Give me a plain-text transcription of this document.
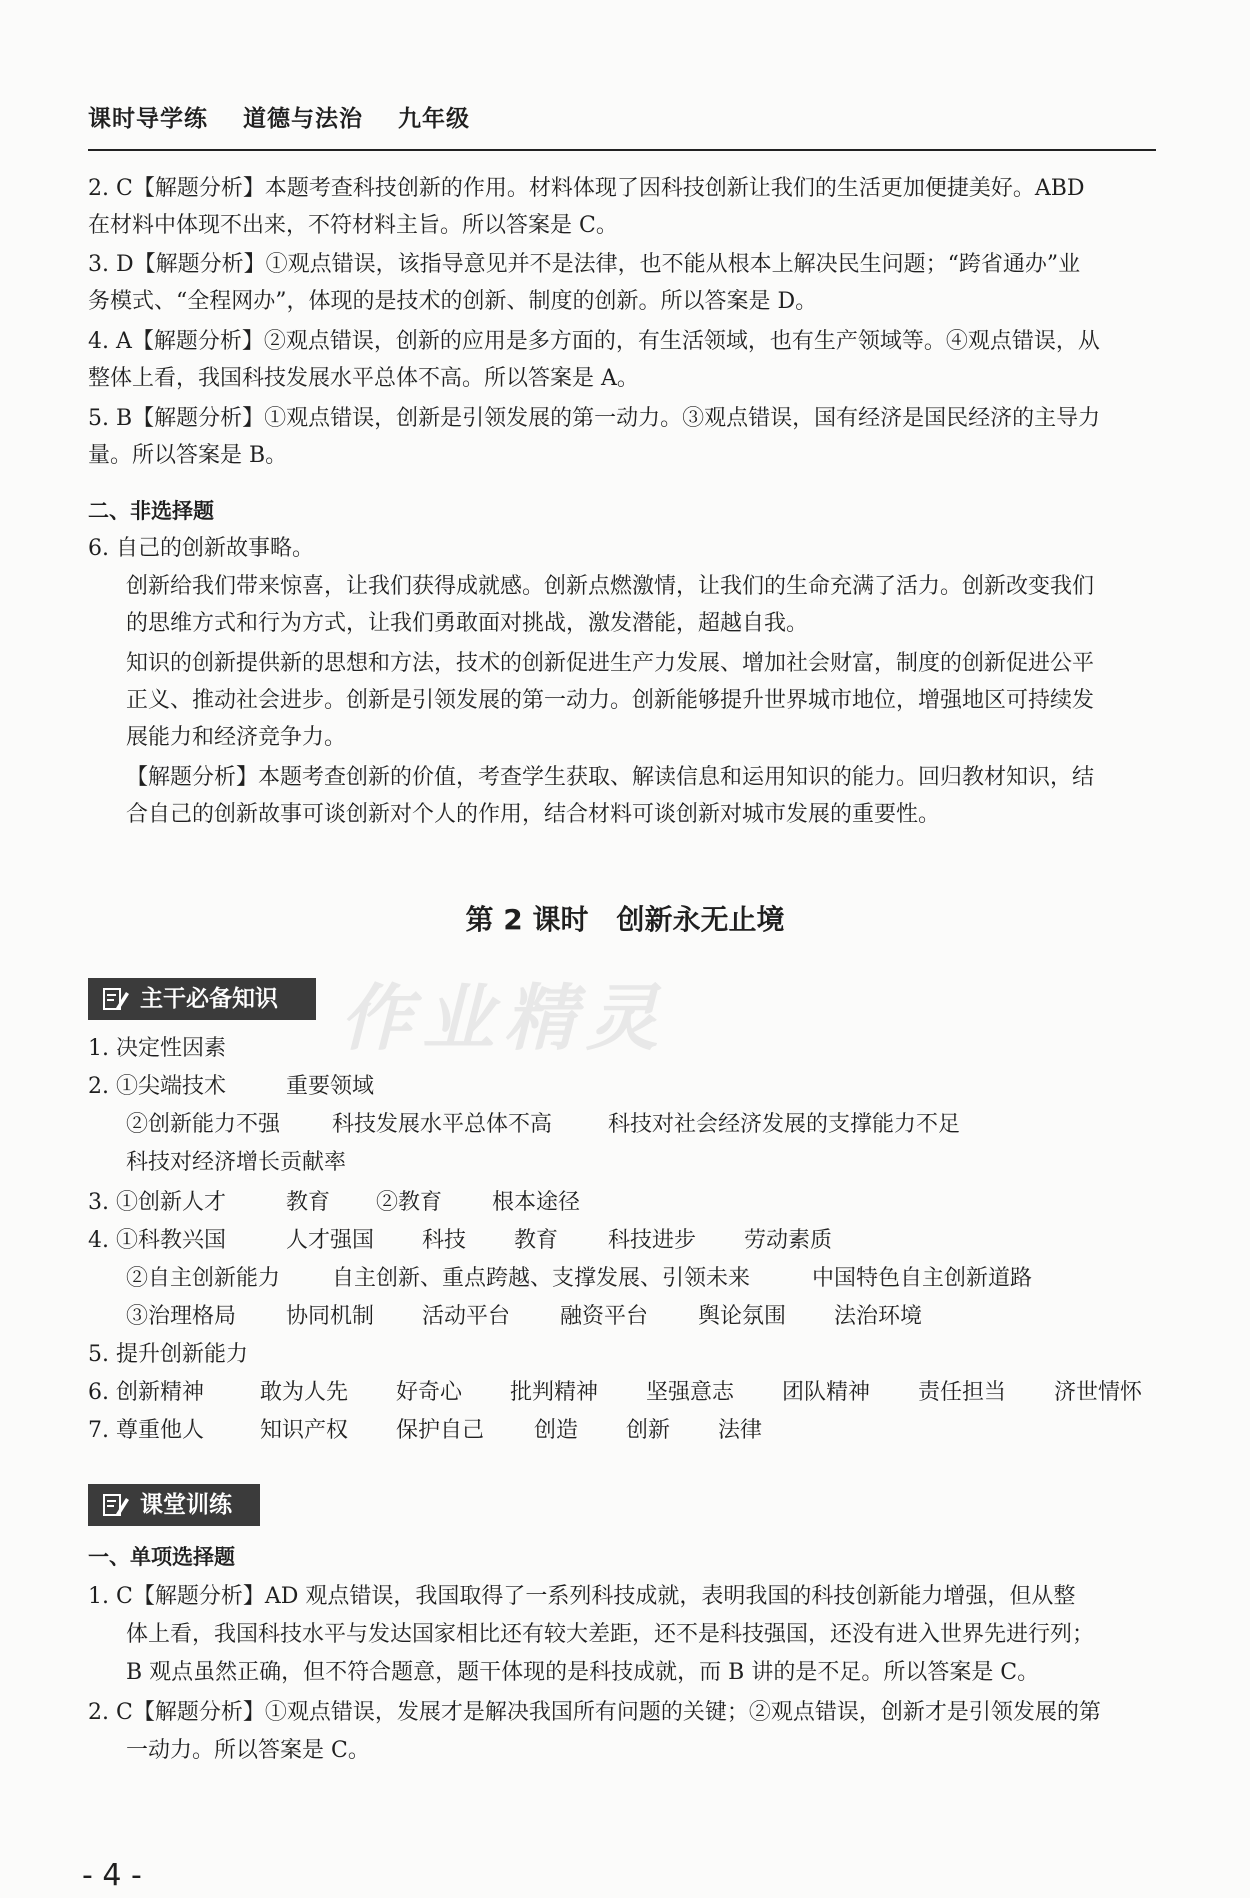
课时导学练 道德与法治 九年级
作业精灵
2. C【解题分析】本题考查科技创新的作用。材料体现了因科技创新让我们的生活更加便捷美好。ABD
在材料中体现不出来，不符材料主旨。所以答案是 C。
3. D【解题分析】①观点错误，该指导意见并不是法律，也不能从根本上解决民生问题；“跨省通办”业
务模式、“全程网办”，体现的是技术的创新、制度的创新。所以答案是 D。
4. A【解题分析】②观点错误，创新的应用是多方面的，有生活领域，也有生产领域等。④观点错误，从
整体上看，我国科技发展水平总体不高。所以答案是 A。
5. B【解题分析】①观点错误，创新是引领发展的第一动力。③观点错误，国有经济是国民经济的主导力
量。所以答案是 B。
二、非选择题
6. 自己的创新故事略。
创新给我们带来惊喜，让我们获得成就感。创新点燃激情，让我们的生命充满了活力。创新改变我们
的思维方式和行为方式，让我们勇敢面对挑战，激发潜能，超越自我。
知识的创新提供新的思想和方法，技术的创新促进生产力发展、增加社会财富，制度的创新促进公平
正义、推动社会进步。创新是引领发展的第一动力。创新能够提升世界城市地位，增强地区可持续发
展能力和经济竞争力。
【解题分析】本题考查创新的价值，考查学生获取、解读信息和运用知识的能力。回归教材知识，结
合自己的创新故事可谈创新对个人的作用，结合材料可谈创新对城市发展的重要性。
第 2 课时　创新永无止境
主干必备知识
1. 决定性因素
2. ①尖端技术	重要领域
②创新能力不强 科技发展水平总体不高	科技对社会经济发展的支撑能力不足
科技对经济增长贡献率
3. ①创新人才	教育 ②教育 根本途径
4. ①科教兴国	人才强国 科技 教育 科技进步 劳动素质
②自主创新能力 自主创新、重点跨越、支撑发展、引领未来	中国特色自主创新道路
③治理格局 协同机制 活动平台 融资平台 舆论氛围 法治环境
5. 提升创新能力
6. 创新精神	敢为人先 好奇心 批判精神 坚强意志 团队精神 责任担当 济世情怀
7. 尊重他人	知识产权 保护自己 创造 创新 法律
课堂训练
一、单项选择题
1. C【解题分析】AD 观点错误，我国取得了一系列科技成就，表明我国的科技创新能力增强，但从整
体上看，我国科技水平与发达国家相比还有较大差距，还不是科技强国，还没有进入世界先进行列；
B 观点虽然正确，但不符合题意，题干体现的是科技成就，而 B 讲的是不足。所以答案是 C。
2. C【解题分析】①观点错误，发展才是解决我国所有问题的关键；②观点错误，创新才是引领发展的第
一动力。所以答案是 C。
- 4 -
